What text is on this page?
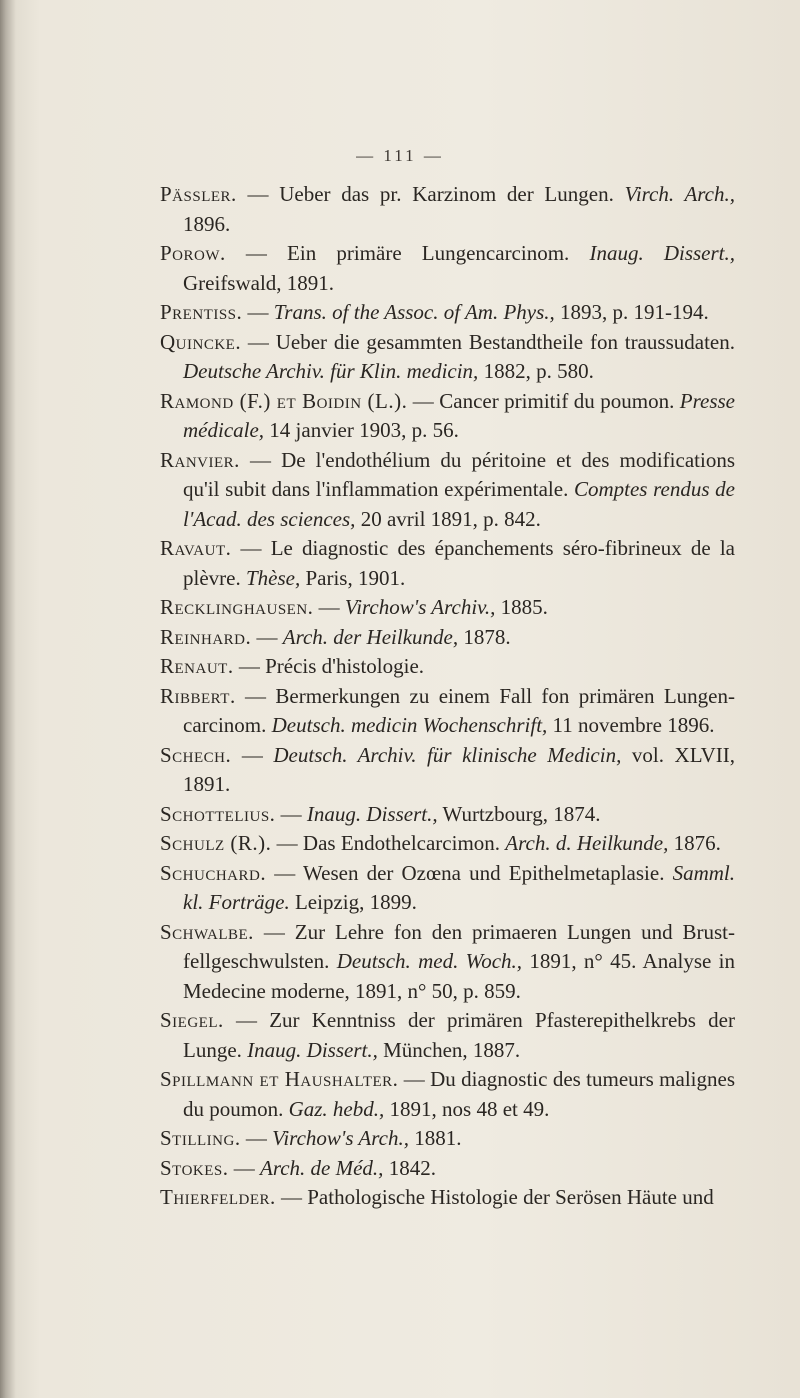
— 111 —

Pässler. — Ueber das pr. Karzinom der Lungen. Virch. Arch., 1896.

Porow. — Ein primäre Lungencarcinom. Inaug. Dissert., Greifswald, 1891.

Prentiss. — Trans. of the Assoc. of Am. Phys., 1893, p. 191-194.

Quincke. — Ueber die gesammten Bestandtheile fon traussudaten. Deutsche Archiv. für Klin. medicin, 1882, p. 580.

Ramond (F.) et Boidin (L.). — Cancer primitif du poumon. Presse médicale, 14 janvier 1903, p. 56.

Ranvier. — De l'endothélium du péritoine et des modifications qu'il subit dans l'inflammation expérimentale. Comptes rendus de l'Acad. des sciences, 20 avril 1891, p. 842.

Ravaut. — Le diagnostic des épanchements séro-fibrineux de la plèvre. Thèse, Paris, 1901.

Recklinghausen. — Virchow's Archiv., 1885.

Reinhard. — Arch. der Heilkunde, 1878.

Renaut. — Précis d'histologie.

Ribbert. — Bermerkungen zu einem Fall fon primären Lungen-carcinom. Deutsch. medicin Wochenschrift, 11 novembre 1896.

Schech. — Deutsch. Archiv. für klinische Medicin, vol. XLVII, 1891.

Schottelius. — Inaug. Dissert., Wurtzbourg, 1874.

Schulz (R.). — Das Endothelcarcimon. Arch. d. Heilkunde, 1876.

Schuchard. — Wesen der Ozœna und Epithelmetaplasie. Samml. kl. Forträge. Leipzig, 1899.

Schwalbe. — Zur Lehre fon den primaeren Lungen und Brust-fellgeschwulsten. Deutsch. med. Woch., 1891, n° 45. Analyse in Medecine moderne, 1891, n° 50, p. 859.

Siegel. — Zur Kenntniss der primären Pfasterepithelkrebs der Lunge. Inaug. Dissert., München, 1887.

Spillmann et Haushalter. — Du diagnostic des tumeurs malignes du poumon. Gaz. hebd., 1891, nos 48 et 49.

Stilling. — Virchow's Arch., 1881.

Stokes. — Arch. de Méd., 1842.

Thierfelder. — Pathologische Histologie der Serösen Häute und
